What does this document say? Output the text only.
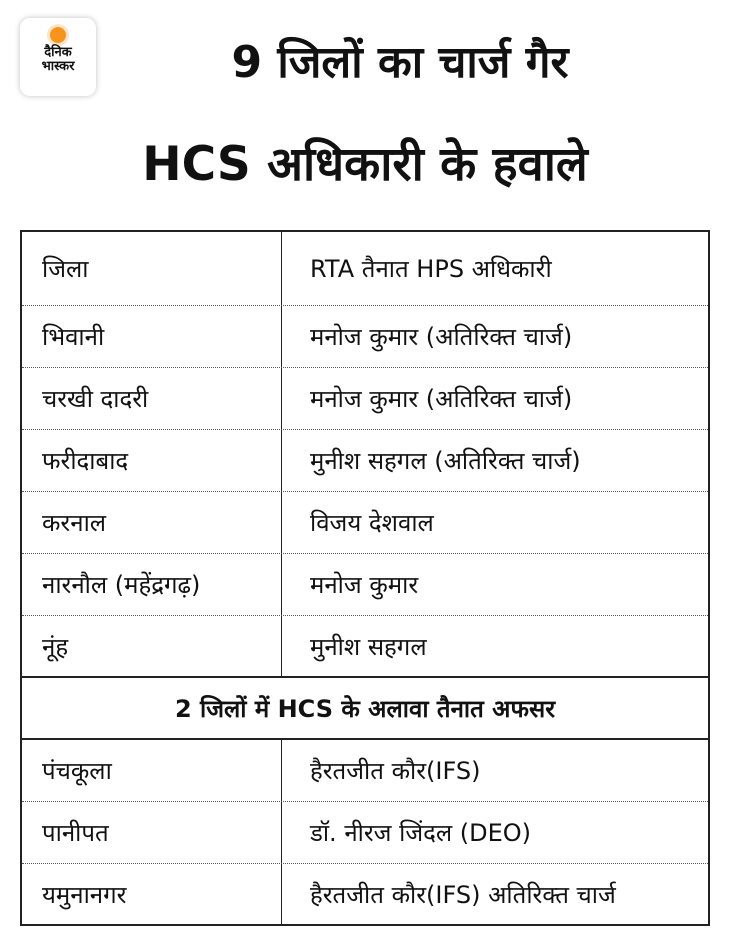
दैनिक
भास्कर	9 जिलों का चार्ज गैर
HCS अधिकारी के हवाले
जिला	RTA तैनात HPS अधिकारी
भिवानी	मनोज कुमार (अतिरिक्त चार्ज)
चरखी दादरी	मनोज कुमार (अतिरिक्त चार्ज)
फरीदाबाद	मुनीश सहगल (अतिरिक्त चार्ज)
करनाल	विजय देशवाल
नारनौल (महेंद्रगढ़)	मनोज कुमार
नूंह	मुनीश सहगल
2 जिलों में HCS के अलावा तैनात अफसर
पंचकूला	हैरतजीत कौर(IFS)
पानीपत	डॉ. नीरज जिंदल (DEO)
यमुनानगर	हैरतजीत कौर(IFS) अतिरिक्त चार्ज
